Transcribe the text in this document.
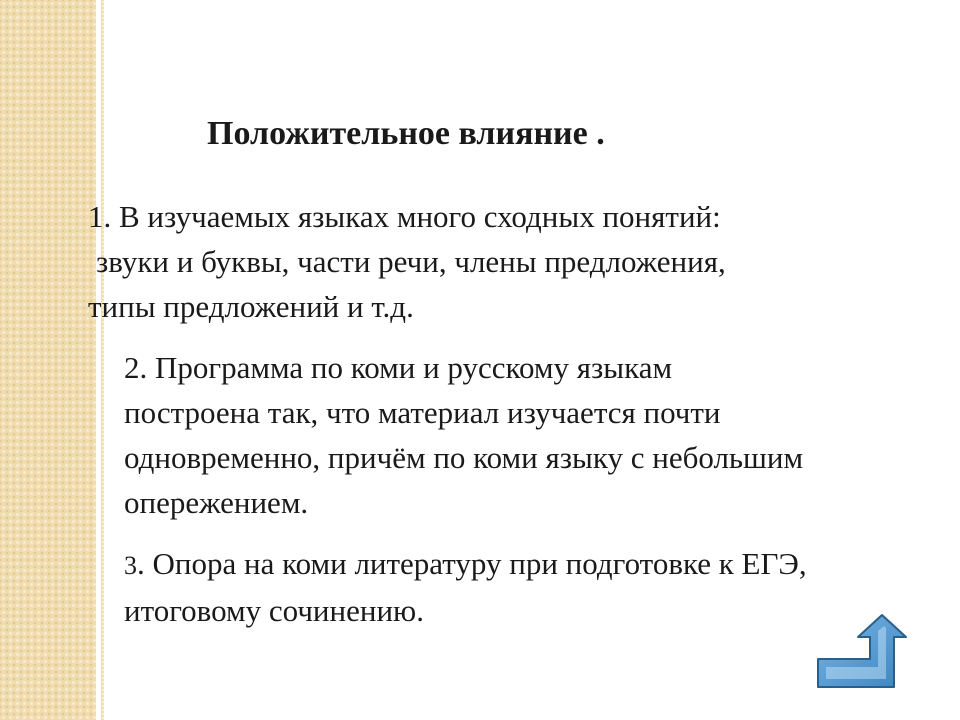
Положительное влияние .
1. В изучаемых языках много сходных понятий:
звуки и буквы, части речи, члены предложения,
типы предложений и т.д.
2. Программа по коми и русскому языкам
построена так, что материал изучается почти
одновременно, причём по коми языку с небольшим
опережением.
3. Опора на коми литературу при подготовке к ЕГЭ,
итоговому сочинению.
